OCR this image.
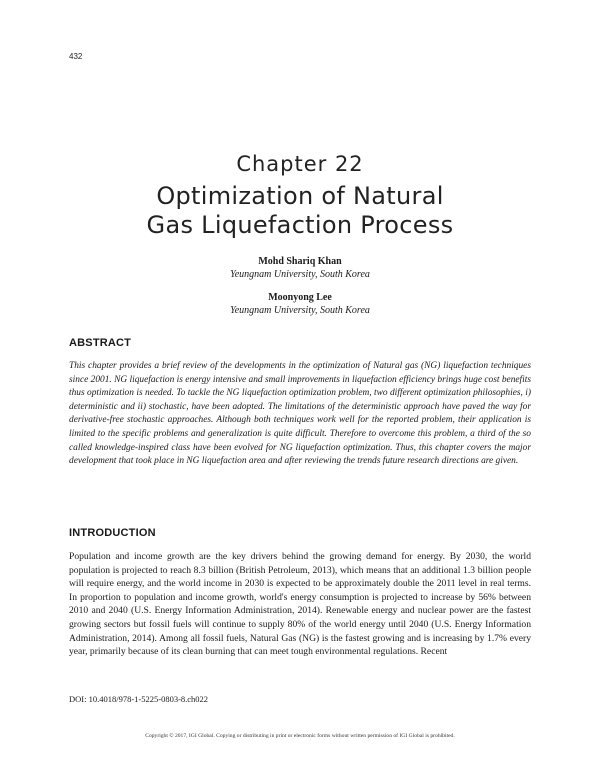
432
Chapter 22
Optimization of Natural
Gas Liquefaction Process
Mohd Shariq Khan
Yeungnam University, South Korea
Moonyong Lee
Yeungnam University, South Korea
ABSTRACT

This chapter provides a brief review of the developments in the optimization of Natural gas (NG) liquefaction techniques since 2001. NG liquefaction is energy intensive and small improvements in liquefaction efficiency brings huge cost benefits thus optimization is needed. To tackle the NG liquefaction optimization problem, two different optimization philosophies, i) deterministic and ii) stochastic, have been adopted. The limitations of the deterministic approach have paved the way for derivative-free stochastic approaches. Although both techniques work well for the reported problem, their application is limited to the specific problems and generalization is quite difficult. Therefore to overcome this problem, a third of the so called knowledge-inspired class have been evolved for NG liquefaction optimization. Thus, this chapter covers the major development that took place in NG liquefaction area and after reviewing the trends future research directions are given.

INTRODUCTION

Population and income growth are the key drivers behind the growing demand for energy. By 2030, the world population is projected to reach 8.3 billion (British Petroleum, 2013), which means that an additional 1.3 billion people will require energy, and the world income in 2030 is expected to be approximately double the 2011 level in real terms. In proportion to population and income growth, world's energy consumption is projected to increase by 56% between 2010 and 2040 (U.S. Energy Information Administration, 2014). Renewable energy and nuclear power are the fastest growing sectors but fossil fuels will continue to supply 80% of the world energy until 2040 (U.S. Energy Information Administration, 2014). Among all fossil fuels, Natural Gas (NG) is the fastest growing and is increasing by 1.7% every year, primarily because of its clean burning that can meet tough environmental regulations. Recent

DOI: 10.4018/978-1-5225-0803-8.ch022
Copyright © 2017, IGI Global. Copying or distributing in print or electronic forms without written permission of IGI Global is prohibited.
